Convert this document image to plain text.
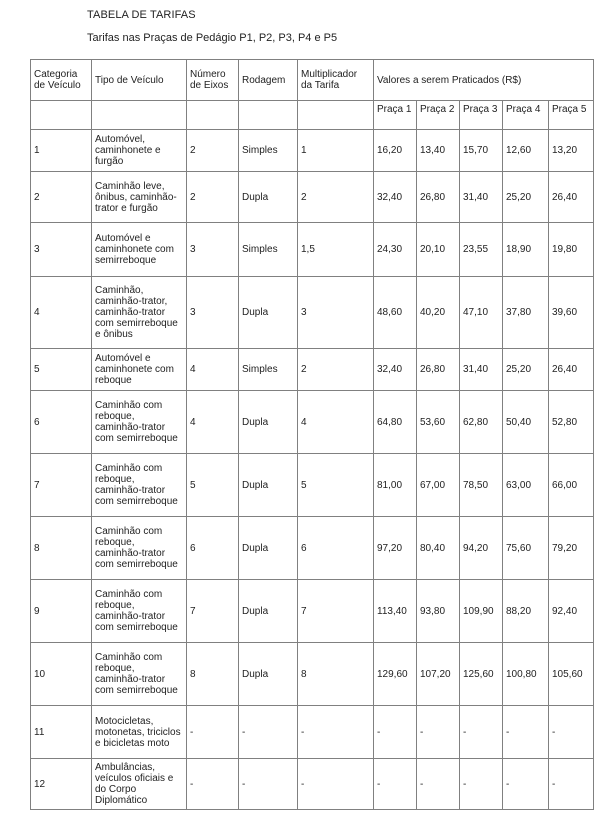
TABELA DE TARIFAS
Tarifas nas Praças de Pedágio P1, P2, P3, P4 e P5
Categoria de Veículo	Tipo de Veículo	Número de Eixos	Rodagem	Multiplicador da Tarifa	Valores a serem Praticados (R$)				
					Praça 1	Praça 2	Praça 3	Praça 4	Praça 5
1	Automóvel, caminhonete e furgão	2	Simples	1	16,20	13,40	15,70	12,60	13,20
2	Caminhão leve, ônibus, caminhão-trator e furgão	2	Dupla	2	32,40	26,80	31,40	25,20	26,40
3	Automóvel e caminhonete com semirreboque	3	Simples	1,5	24,30	20,10	23,55	18,90	19,80
4	Caminhão, caminhão-trator, caminhão-trator com semirreboque e ônibus	3	Dupla	3	48,60	40,20	47,10	37,80	39,60
5	Automóvel e caminhonete com reboque	4	Simples	2	32,40	26,80	31,40	25,20	26,40
6	Caminhão com reboque, caminhão-trator com semirreboque	4	Dupla	4	64,80	53,60	62,80	50,40	52,80
7	Caminhão com reboque, caminhão-trator com semirreboque	5	Dupla	5	81,00	67,00	78,50	63,00	66,00
8	Caminhão com reboque, caminhão-trator com semirreboque	6	Dupla	6	97,20	80,40	94,20	75,60	79,20
9	Caminhão com reboque, caminhão-trator com semirreboque	7	Dupla	7	113,40	93,80	109,90	88,20	92,40
10	Caminhão com reboque, caminhão-trator com semirreboque	8	Dupla	8	129,60	107,20	125,60	100,80	105,60
11	Motocicletas, motonetas, triciclos e bicicletas moto	-	-	-	-	-	-	-	-
12	Ambulâncias, veículos oficiais e do Corpo Diplomático	-	-	-	-	-	-	-	-
